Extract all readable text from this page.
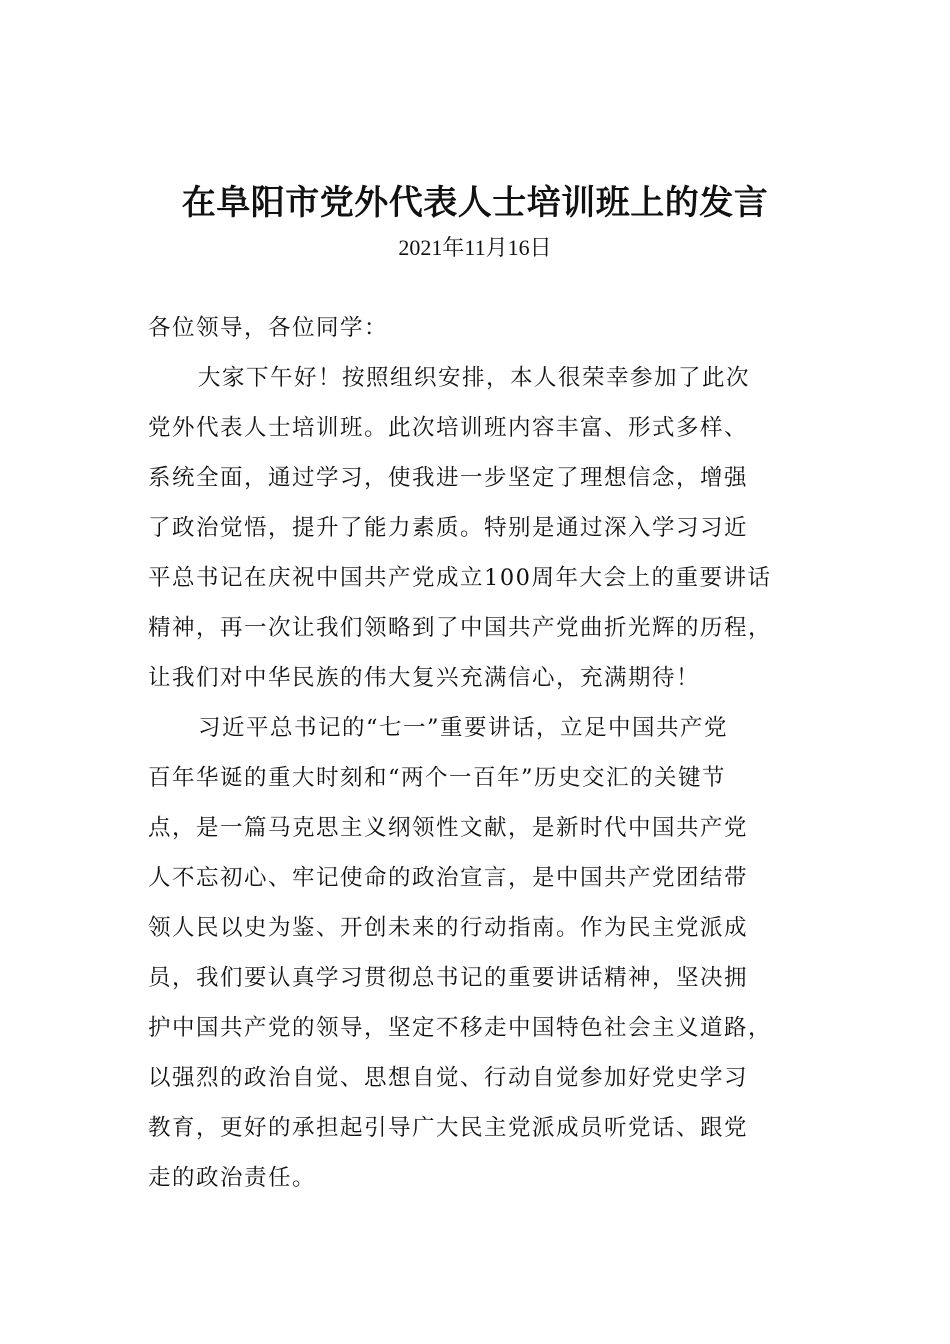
在阜阳市党外代表人士培训班上的发言
2021年11月16日
各位领导，各位同学：
大家下午好！按照组织安排，本人很荣幸参加了此次
党外代表人士培训班。此次培训班内容丰富、形式多样、
系统全面，通过学习，使我进一步坚定了理想信念，增强
了政治觉悟，提升了能力素质。特别是通过深入学习习近
平总书记在庆祝中国共产党成立100周年大会上的重要讲话
精神，再一次让我们领略到了中国共产党曲折光辉的历程，
让我们对中华民族的伟大复兴充满信心，充满期待！
习近平总书记的“七一”重要讲话，立足中国共产党
百年华诞的重大时刻和“两个一百年”历史交汇的关键节
点，是一篇马克思主义纲领性文献，是新时代中国共产党
人不忘初心、牢记使命的政治宣言，是中国共产党团结带
领人民以史为鉴、开创未来的行动指南。作为民主党派成
员，我们要认真学习贯彻总书记的重要讲话精神，坚决拥
护中国共产党的领导，坚定不移走中国特色社会主义道路，
以强烈的政治自觉、思想自觉、行动自觉参加好党史学习
教育，更好的承担起引导广大民主党派成员听党话、跟党
走的政治责任。
